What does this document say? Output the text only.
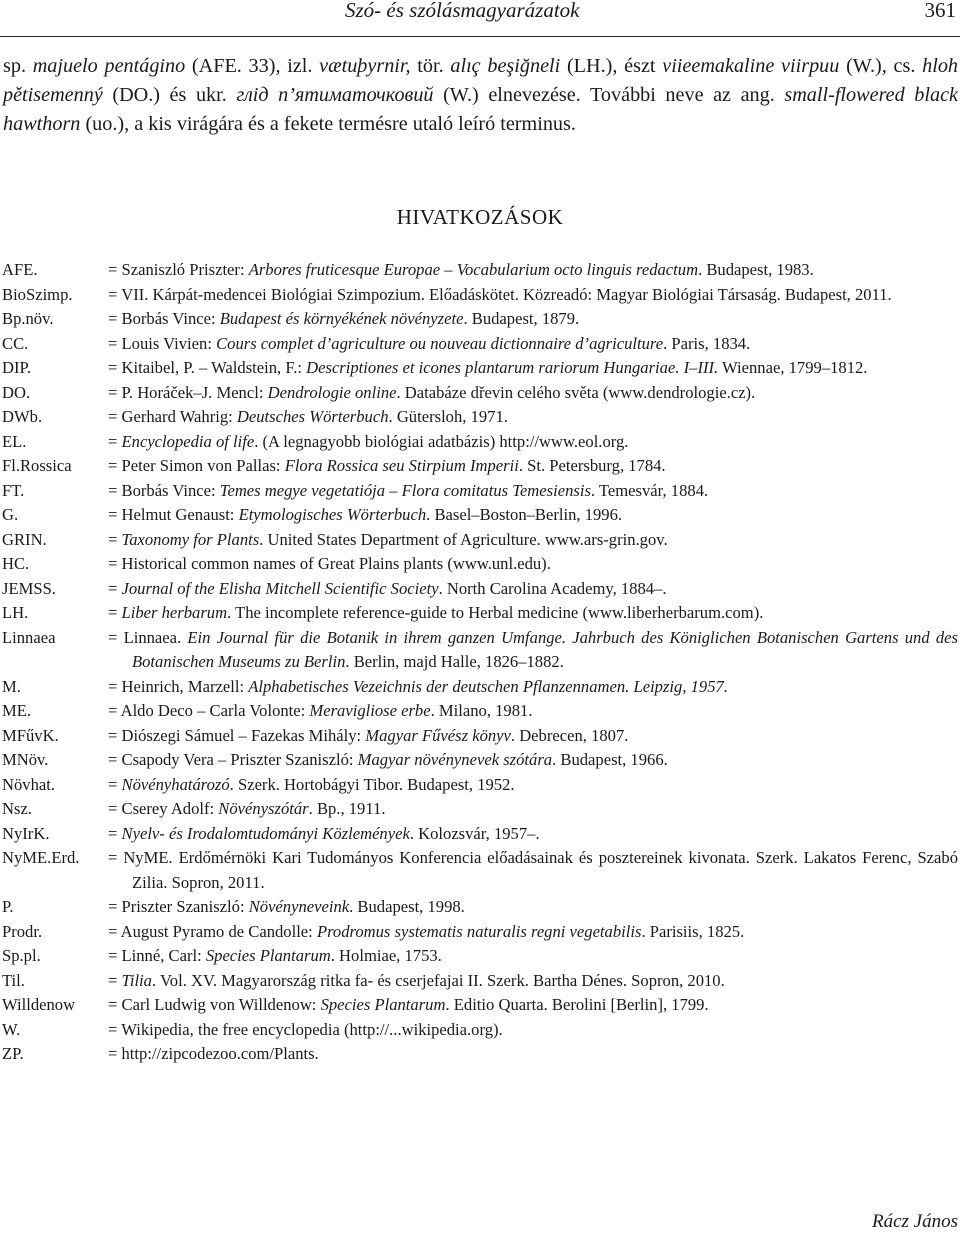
Szó- és szólásmagyarázatok	361

sp. majuelo pentágino (AFE. 33), izl. vætuþyrnir, tör. alıç beşiğneli (LH.), észt viieemakaline viirpuu (W.), cs. hloh pětisemenný (DO.) és ukr. глід п’ятиматочковий (W.) elnevezése. További neve az ang. small-flowered black hawthorn (uo.), a kis virágára és a fekete termésre utaló leíró terminus.

HIVATKOZÁSOK
AFE.	= Szaniszló Priszter: Arbores fruticesque Europae – Vocabularium octo linguis redactum. Budapest, 1983.
BioSzimp.	= VII. Kárpát-medencei Biológiai Szimpozium. Előadáskötet. Közreadó: Magyar Biológiai Társaság. Budapest, 2011.
Bp.növ.	= Borbás Vince: Budapest és környékének növényzete. Budapest, 1879.
CC.	= Louis Vivien: Cours complet d’agriculture ou nouveau dictionnaire d’agriculture. Paris, 1834.
DIP.	= Kitaibel, P. – Waldstein, F.: Descriptiones et icones plantarum rariorum Hungariae. I–III. Wiennae, 1799–1812.
DO.	= P. Horáček–J. Mencl: Dendrologie online. Databáze dřevin celého světa (www.dendrologie.cz).
DWb.	= Gerhard Wahrig: Deutsches Wörterbuch. Gütersloh, 1971.
EL.	= Encyclopedia of life. (A legnagyobb biológiai adatbázis) http://www.eol.org.
Fl.Rossica	= Peter Simon von Pallas: Flora Rossica seu Stirpium Imperii. St. Petersburg, 1784.
FT.	= Borbás Vince: Temes megye vegetatiója – Flora comitatus Temesiensis. Temesvár, 1884.
G.	= Helmut Genaust: Etymologisches Wörterbuch. Basel–Boston–Berlin, 1996.
GRIN.	= Taxonomy for Plants. United States Department of Agriculture. www.ars-grin.gov.
HC.	= Historical common names of Great Plains plants (www.unl.edu).
JEMSS.	= Journal of the Elisha Mitchell Scientific Society. North Carolina Academy, 1884–.
LH.	= Liber herbarum. The incomplete reference-guide to Herbal medicine (www.liberherbarum.com).
Linnaea	= Linnaea. Ein Journal für die Botanik in ihrem ganzen Umfange. Jahrbuch des Königlichen Botanischen Gartens und des Botanischen Museums zu Berlin. Berlin, majd Halle, 1826–1882.
M.	= Heinrich, Marzell: Alphabetisches Vezeichnis der deutschen Pflanzennamen. Leipzig, 1957.
ME.	= Aldo Deco – Carla Volonte: Meravigliose erbe. Milano, 1981.
MFűvK.	= Diószegi Sámuel – Fazekas Mihály: Magyar Fűvész könyv. Debrecen, 1807.
MNöv.	= Csapody Vera – Priszter Szaniszló: Magyar növénynevek szótára. Budapest, 1966.
Növhat.	= Növényhatározó. Szerk. Hortobágyi Tibor. Budapest, 1952.
Nsz.	= Cserey Adolf: Növényszótár. Bp., 1911.
NyIrK.	= Nyelv- és Irodalomtudományi Közlemények. Kolozsvár, 1957–.
NyME.Erd.	= NyME. Erdőmérnöki Kari Tudományos Konferencia előadásainak és posztereinek kivonata. Szerk. Lakatos Ferenc, Szabó Zilia. Sopron, 2011.
P.	= Priszter Szaniszló: Növényneveink. Budapest, 1998.
Prodr.	= August Pyramo de Candolle: Prodromus systematis naturalis regni vegetabilis. Parisiis, 1825.
Sp.pl.	= Linné, Carl: Species Plantarum. Holmiae, 1753.
Til.	= Tilia. Vol. XV. Magyarország ritka fa- és cserjefajai II. Szerk. Bartha Dénes. Sopron, 2010.
Willdenow	= Carl Ludwig von Willdenow: Species Plantarum. Editio Quarta. Berolini [Berlin], 1799.
W.	= Wikipedia, the free encyclopedia (http://...wikipedia.org).
ZP.	= http://zipcodezoo.com/Plants.
Rácz János
